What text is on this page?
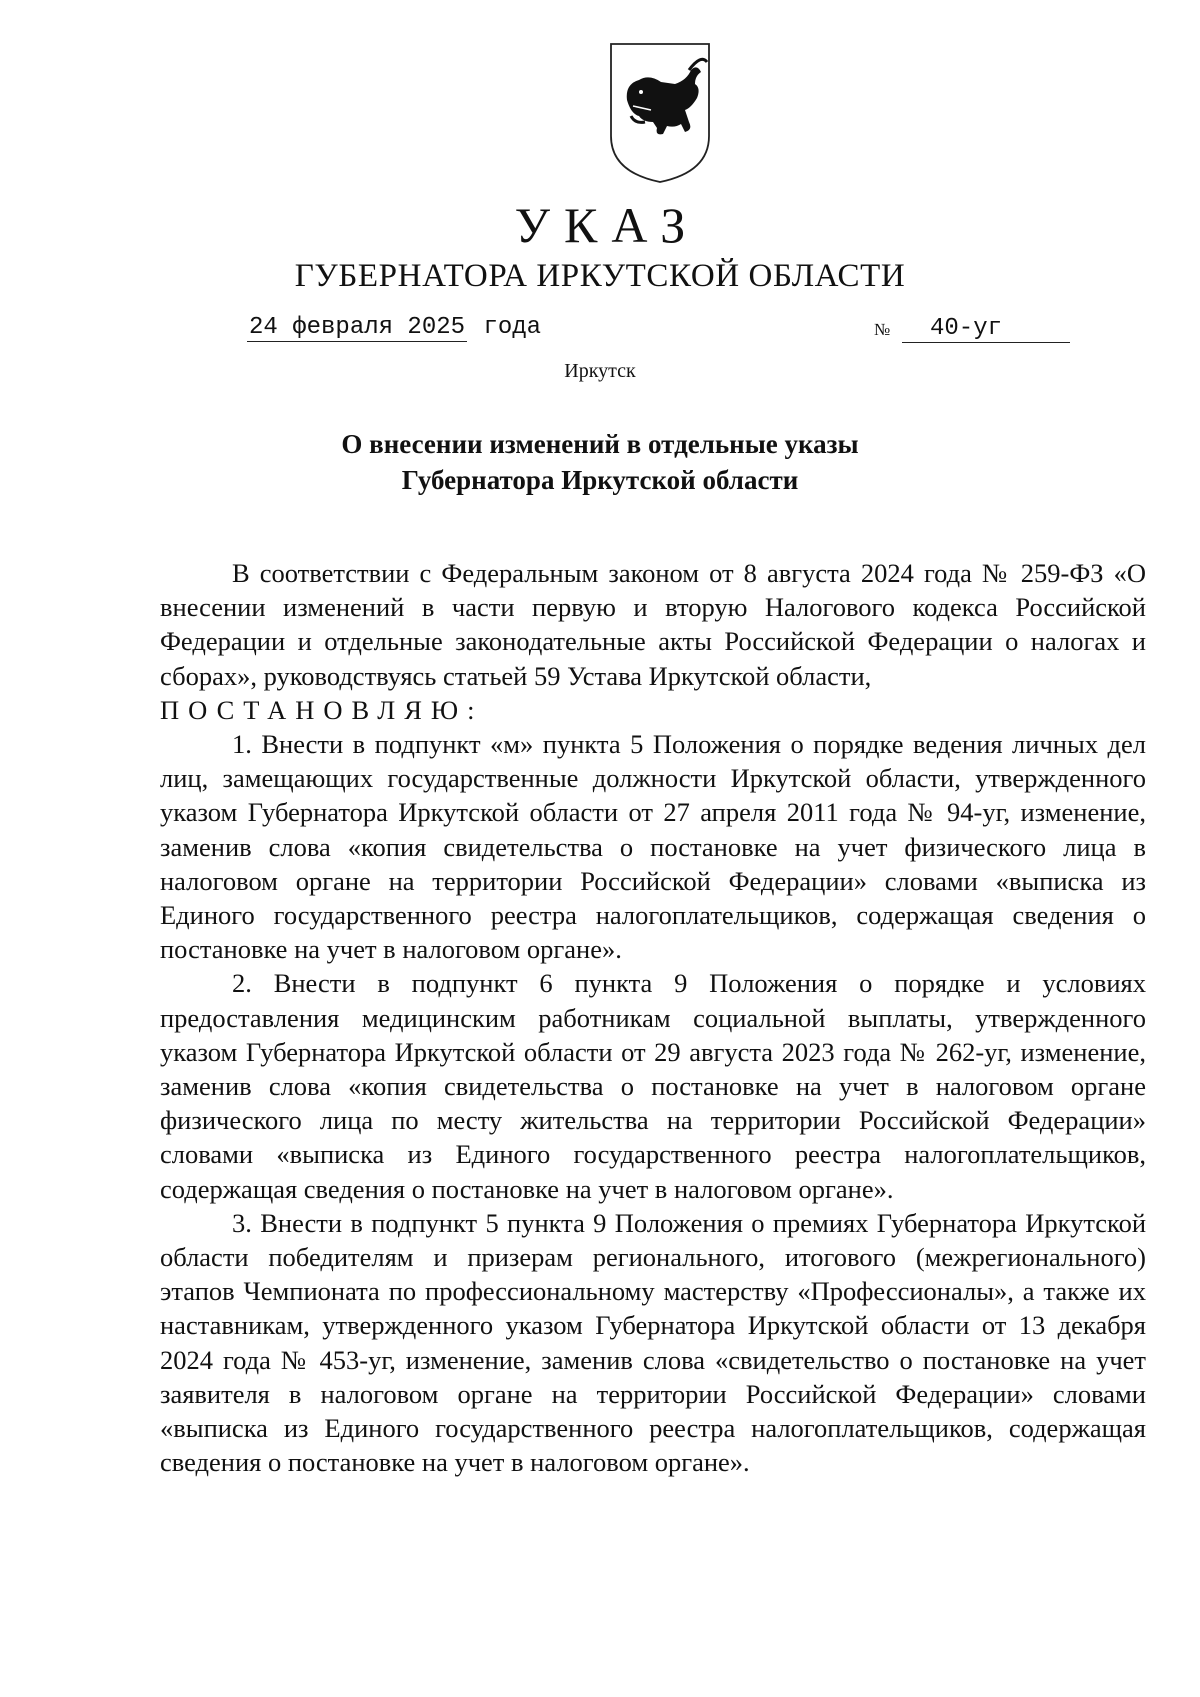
УКАЗ
ГУБЕРНАТОРА ИРКУТСКОЙ ОБЛАСТИ
24 февраля 2025 года	№	40-уг
Иркутск
О внесении изменений в отдельные указы
Губернатора Иркутской области

В соответствии с Федеральным законом от 8 августа 2024 года № 259-ФЗ «О внесении изменений в части первую и вторую Налогового кодекса Российской Федерации и отдельные законодательные акты Российской Федерации о налогах и сборах», руководствуясь статьей 59 Устава Иркутской области,

ПОСТАНОВЛЯЮ:

1. Внести в подпункт «м» пункта 5 Положения о порядке ведения личных дел лиц, замещающих государственные должности Иркутской области, утвержденного указом Губернатора Иркутской области от 27 апреля 2011 года № 94-уг, изменение, заменив слова «копия свидетельства о постановке на учет физического лица в налоговом органе на территории Российской Федерации» словами «выписка из Единого государственного реестра налогоплательщиков, содержащая сведения о постановке на учет в налоговом органе».

2. Внести в подпункт 6 пункта 9 Положения о порядке и условиях предоставления медицинским работникам социальной выплаты, утвержденного указом Губернатора Иркутской области от 29 августа 2023 года № 262-уг, изменение, заменив слова «копия свидетельства о постановке на учет в налоговом органе физического лица по месту жительства на территории Российской Федерации» словами «выписка из Единого государственного реестра налогоплательщиков, содержащая сведения о постановке на учет в налоговом органе».

3. Внести в подпункт 5 пункта 9 Положения о премиях Губернатора Иркутской области победителям и призерам регионального, итогового (межрегионального) этапов Чемпионата по профессиональному мастерству «Профессионалы», а также их наставникам, утвержденного указом Губернатора Иркутской области от 13 декабря 2024 года № 453-уг, изменение, заменив слова «свидетельство о постановке на учет заявителя в налоговом органе на территории Российской Федерации» словами «выписка из Единого государственного реестра налогоплательщиков, содержащая сведения о постановке на учет в налоговом органе».
